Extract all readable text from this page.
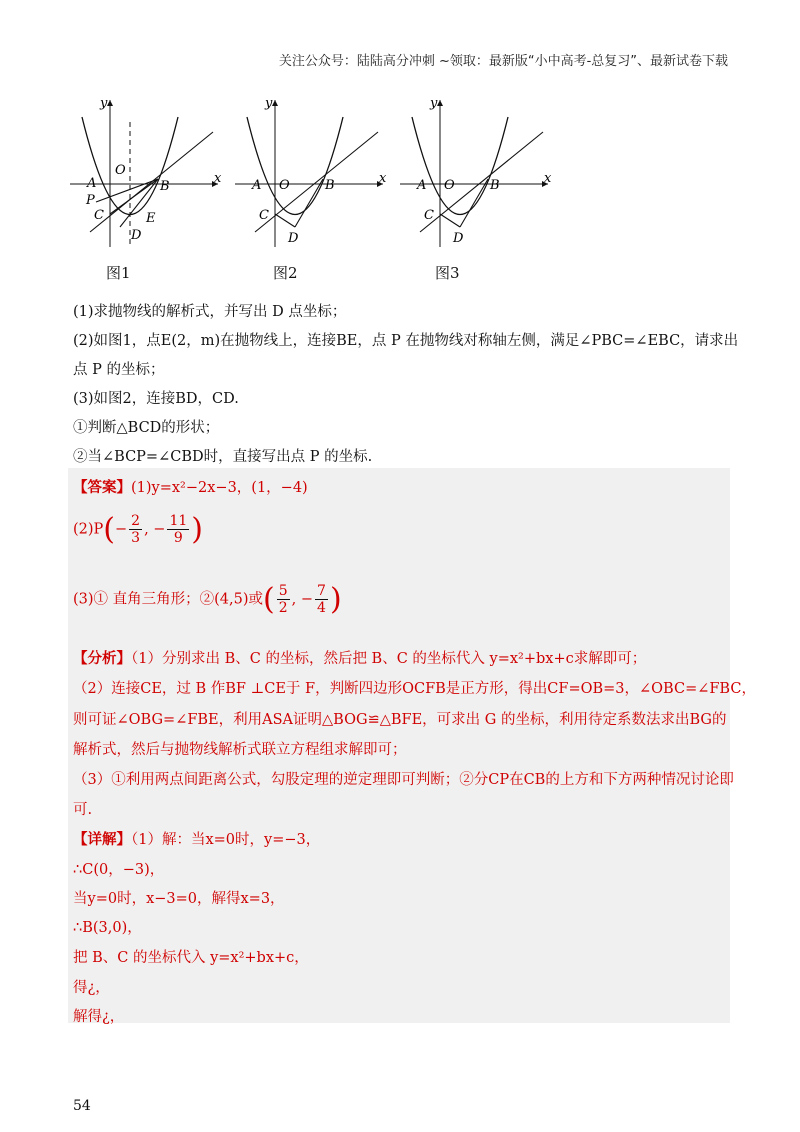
关注公众号：陆陆高分冲刺 ~领取：最新版“小中高考-总复习”、最新试卷下载
y
x
O
A	B
P
C	E
D
y
x
A O	B
C
D
y
x
A O	B
C
D
图1	图2	图3
(1)求抛物线的解析式，并写出 D 点坐标；
(2)如图1，点E(2，m)在抛物线上，连接BE，点 P 在抛物线对称轴左侧，满足∠PBC=∠EBC，请求出
点 P 的坐标；
(3)如图2，连接BD，CD.
①判断△BCD的形状；
②当∠BCP=∠CBD时，直接写出点 P 的坐标.
【答案】(1)y=x²−2x−3，(1，−4)
$(2)P(- \frac{2}{3}$ , − $\frac{11}{9}$ )
(3)① 直角三角形；②(4,5)或( $\frac{5}{2}$ , − $\frac{7}{4}$ )
【分析】（1）分别求出 B、C 的坐标，然后把 B、C 的坐标代入 y=x²+bx+c求解即可；
（2）连接CE，过 B 作BF ⊥CE于 F，判断四边形OCFB是正方形，得出CF=OB=3，∠OBC=∠FBC，
则可证∠OBG=∠FBE，利用ASA证明△BOG≌△BFE，可求出 G 的坐标，利用待定系数法求出BG的
解析式，然后与抛物线解析式联立方程组求解即可；
（3）①利用两点间距离公式，勾股定理的逆定理即可判断；②分CP在CB的上方和下方两种情况讨论即
可.
【详解】（1）解：当x=0时，y=−3，
∴C(0，−3)，
当y=0时，x−3=0，解得x=3，
∴B(3,0)，
把 B、C 的坐标代入 y=x²+bx+c，
得¿，
解得¿，
54
